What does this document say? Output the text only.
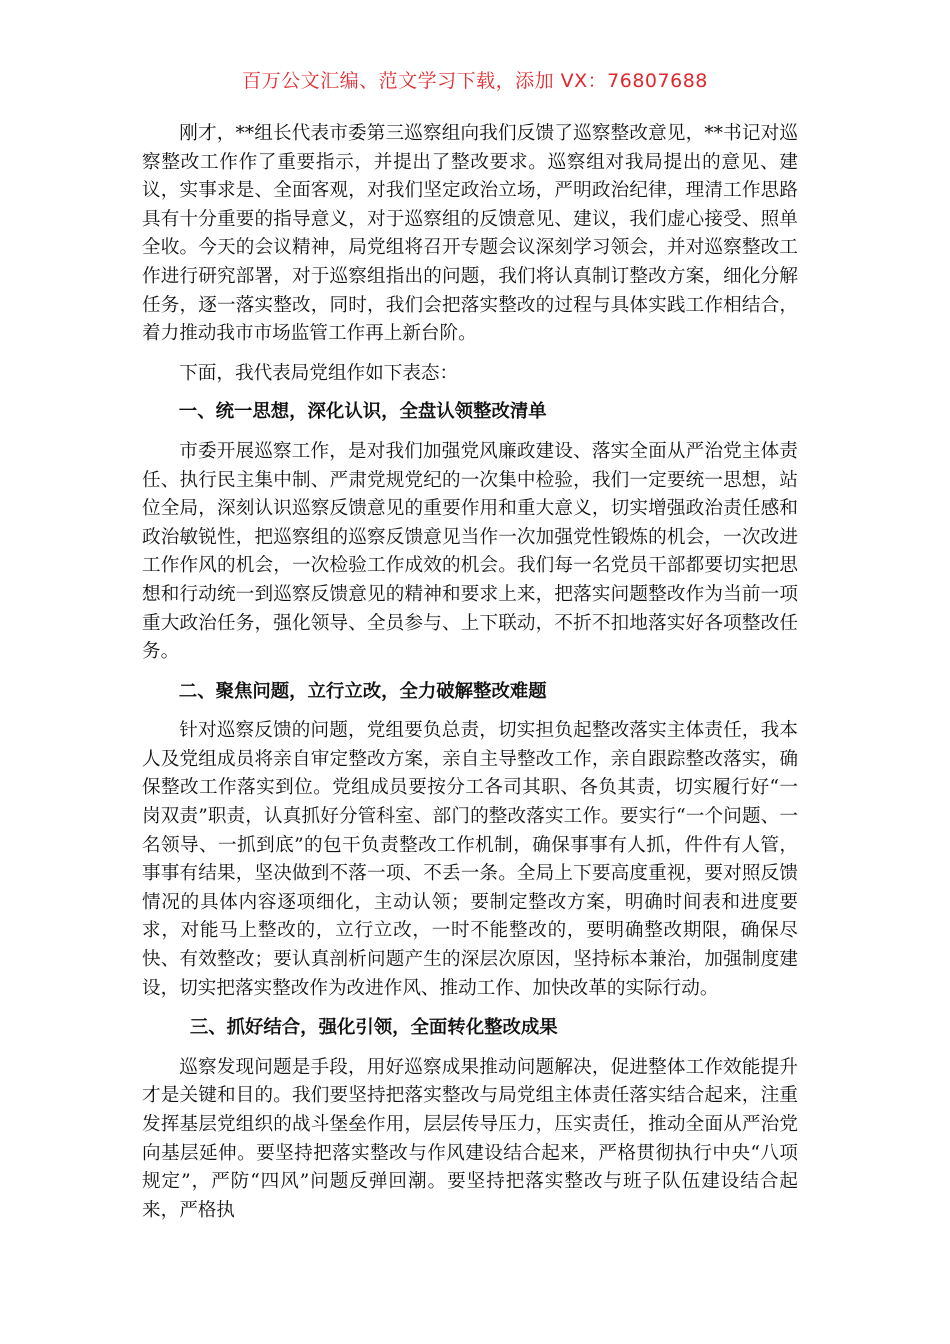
百万公文汇编、范文学习下载，添加 VX：76807688

刚才，**组长代表市委第三巡察组向我们反馈了巡察整改意见，**书记对巡察整改工作作了重要指示，并提出了整改要求。巡察组对我局提出的意见、建议，实事求是、全面客观，对我们坚定政治立场，严明政治纪律，理清工作思路具有十分重要的指导意义，对于巡察组的反馈意见、建议，我们虚心接受、照单全收。今天的会议精神，局党组将召开专题会议深刻学习领会，并对巡察整改工作进行研究部署，对于巡察组指出的问题，我们将认真制订整改方案，细化分解任务，逐一落实整改，同时，我们会把落实整改的过程与具体实践工作相结合，着力推动我市市场监管工作再上新台阶。

下面，我代表局党组作如下表态：

一、统一思想，深化认识，全盘认领整改清单

市委开展巡察工作，是对我们加强党风廉政建设、落实全面从严治党主体责任、执行民主集中制、严肃党规党纪的一次集中检验，我们一定要统一思想，站位全局，深刻认识巡察反馈意见的重要作用和重大意义，切实增强政治责任感和政治敏锐性，把巡察组的巡察反馈意见当作一次加强党性锻炼的机会，一次改进工作作风的机会，一次检验工作成效的机会。我们每一名党员干部都要切实把思想和行动统一到巡察反馈意见的精神和要求上来，把落实问题整改作为当前一项重大政治任务，强化领导、全员参与、上下联动，不折不扣地落实好各项整改任务。

二、聚焦问题，立行立改，全力破解整改难题

针对巡察反馈的问题，党组要负总责，切实担负起整改落实主体责任，我本人及党组成员将亲自审定整改方案，亲自主导整改工作，亲自跟踪整改落实，确保整改工作落实到位。党组成员要按分工各司其职、各负其责，切实履行好“一岗双责”职责，认真抓好分管科室、部门的整改落实工作。要实行“一个问题、一名领导、一抓到底”的包干负责整改工作机制，确保事事有人抓，件件有人管，事事有结果，坚决做到不落一项、不丢一条。全局上下要高度重视，要对照反馈情况的具体内容逐项细化，主动认领；要制定整改方案，明确时间表和进度要求，对能马上整改的，立行立改，一时不能整改的，要明确整改期限，确保尽快、有效整改；要认真剖析问题产生的深层次原因，坚持标本兼治，加强制度建设，切实把落实整改作为改进作风、推动工作、加快改革的实际行动。

三、抓好结合，强化引领，全面转化整改成果

巡察发现问题是手段，用好巡察成果推动问题解决，促进整体工作效能提升才是关键和目的。我们要坚持把落实整改与局党组主体责任落实结合起来，注重发挥基层党组织的战斗堡垒作用，层层传导压力，压实责任，推动全面从严治党向基层延伸。要坚持把落实整改与作风建设结合起来，严格贯彻执行中央“八项规定”，严防“四风”问题反弹回潮。要坚持把落实整改与班子队伍建设结合起来，严格执
